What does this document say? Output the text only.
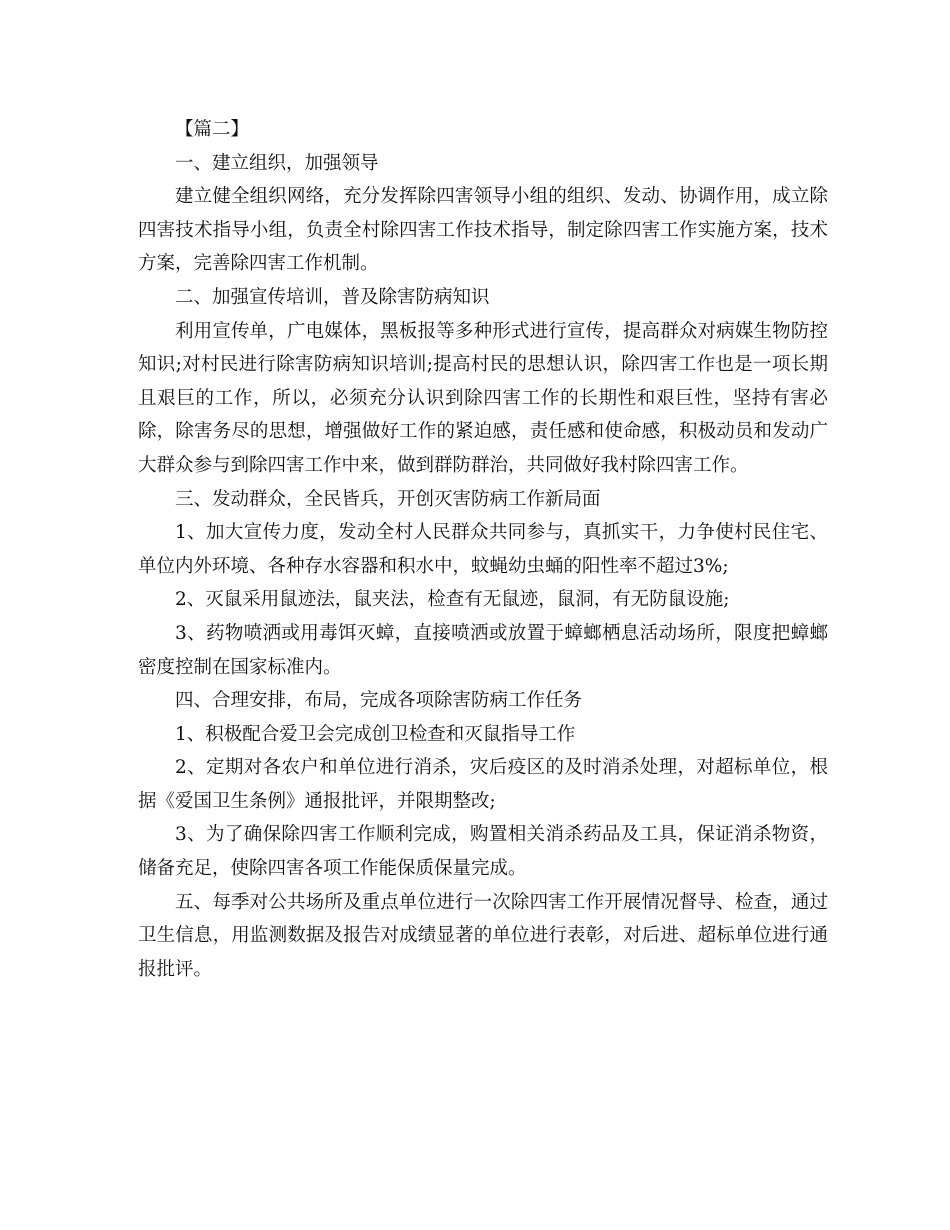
【篇二】

一、建立组织，加强领导

建立健全组织网络，充分发挥除四害领导小组的组织、发动、协调作用，成立除四害技术指导小组，负责全村除四害工作技术指导，制定除四害工作实施方案，技术方案，完善除四害工作机制。

二、加强宣传培训，普及除害防病知识

利用宣传单，广电媒体，黑板报等多种形式进行宣传，提高群众对病媒生物防控知识;对村民进行除害防病知识培训;提高村民的思想认识，除四害工作也是一项长期且艰巨的工作，所以，必须充分认识到除四害工作的长期性和艰巨性，坚持有害必除，除害务尽的思想，增强做好工作的紧迫感，责任感和使命感，积极动员和发动广大群众参与到除四害工作中来，做到群防群治，共同做好我村除四害工作。

三、发动群众，全民皆兵，开创灭害防病工作新局面

1、加大宣传力度，发动全村人民群众共同参与，真抓实干，力争使村民住宅、单位内外环境、各种存水容器和积水中，蚊蝇幼虫蛹的阳性率不超过3%;

2、灭鼠采用鼠迹法，鼠夹法，检查有无鼠迹，鼠洞，有无防鼠设施;

3、药物喷洒或用毒饵灭蟑，直接喷洒或放置于蟑螂栖息活动场所，限度把蟑螂密度控制在国家标准内。

四、合理安排，布局，完成各项除害防病工作任务

1、积极配合爱卫会完成创卫检查和灭鼠指导工作

2、定期对各农户和单位进行消杀，灾后疫区的及时消杀处理，对超标单位，根据《爱国卫生条例》通报批评，并限期整改;

3、为了确保除四害工作顺利完成，购置相关消杀药品及工具，保证消杀物资，储备充足，使除四害各项工作能保质保量完成。

五、每季对公共场所及重点单位进行一次除四害工作开展情况督导、检查，通过卫生信息，用监测数据及报告对成绩显著的单位进行表彰，对后进、超标单位进行通报批评。
